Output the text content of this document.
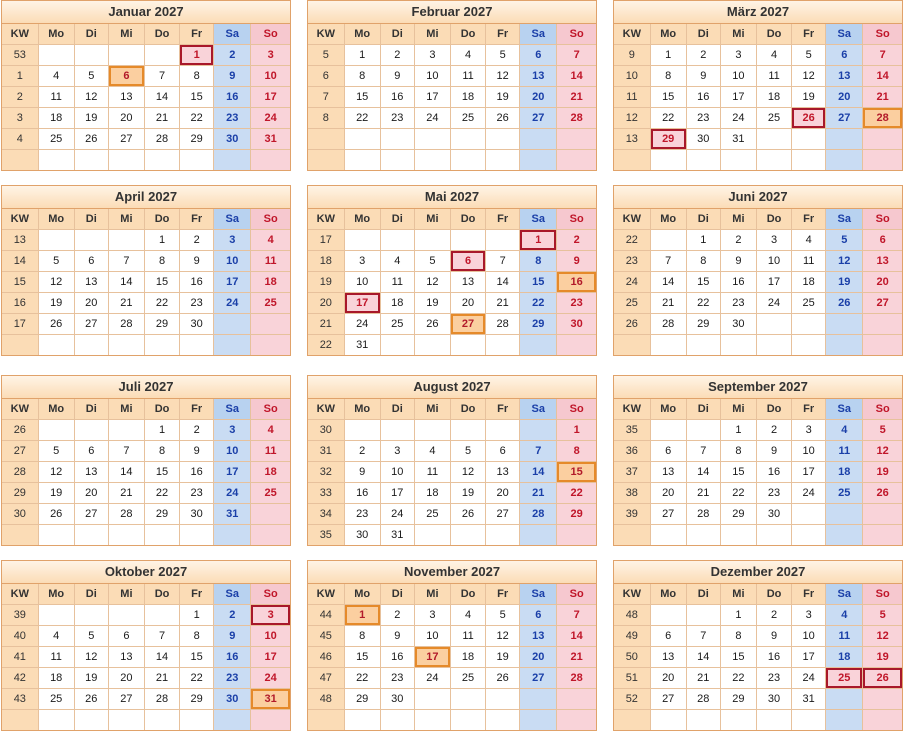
Januar 2027
KW	Mo	Di	Mi	Do	Fr	Sa	So
53					1	2	3
1	4	5	6	7	8	9	10
2	11	12	13	14	15	16	17
3	18	19	20	21	22	23	24
4	25	26	27	28	29	30	31

Februar 2027
KW	Mo	Di	Mi	Do	Fr	Sa	So
5	1	2	3	4	5	6	7
6	8	9	10	11	12	13	14
7	15	16	17	18	19	20	21
8	22	23	24	25	26	27	28

März 2027
KW	Mo	Di	Mi	Do	Fr	Sa	So
9	1	2	3	4	5	6	7
10	8	9	10	11	12	13	14
11	15	16	17	18	19	20	21
12	22	23	24	25	26	27	28
13	29	30	31				

April 2027
KW	Mo	Di	Mi	Do	Fr	Sa	So
13				1	2	3	4
14	5	6	7	8	9	10	11
15	12	13	14	15	16	17	18
16	19	20	21	22	23	24	25
17	26	27	28	29	30		

Mai 2027
KW	Mo	Di	Mi	Do	Fr	Sa	So
17						1	2
18	3	4	5	6	7	8	9
19	10	11	12	13	14	15	16
20	17	18	19	20	21	22	23
21	24	25	26	27	28	29	30
22	31						
Juni 2027
KW	Mo	Di	Mi	Do	Fr	Sa	So
22		1	2	3	4	5	6
23	7	8	9	10	11	12	13
24	14	15	16	17	18	19	20
25	21	22	23	24	25	26	27
26	28	29	30				

Juli 2027
KW	Mo	Di	Mi	Do	Fr	Sa	So
26				1	2	3	4
27	5	6	7	8	9	10	11
28	12	13	14	15	16	17	18
29	19	20	21	22	23	24	25
30	26	27	28	29	30	31	

August 2027
KW	Mo	Di	Mi	Do	Fr	Sa	So
30							1
31	2	3	4	5	6	7	8
32	9	10	11	12	13	14	15
33	16	17	18	19	20	21	22
34	23	24	25	26	27	28	29
35	30	31					
September 2027
KW	Mo	Di	Mi	Do	Fr	Sa	So
35			1	2	3	4	5
36	6	7	8	9	10	11	12
37	13	14	15	16	17	18	19
38	20	21	22	23	24	25	26
39	27	28	29	30			

Oktober 2027
KW	Mo	Di	Mi	Do	Fr	Sa	So
39					1	2	3
40	4	5	6	7	8	9	10
41	11	12	13	14	15	16	17
42	18	19	20	21	22	23	24
43	25	26	27	28	29	30	31

November 2027
KW	Mo	Di	Mi	Do	Fr	Sa	So
44	1	2	3	4	5	6	7
45	8	9	10	11	12	13	14
46	15	16	17	18	19	20	21
47	22	23	24	25	26	27	28
48	29	30					

Dezember 2027
KW	Mo	Di	Mi	Do	Fr	Sa	So
48			1	2	3	4	5
49	6	7	8	9	10	11	12
50	13	14	15	16	17	18	19
51	20	21	22	23	24	25	26
52	27	28	29	30	31		
